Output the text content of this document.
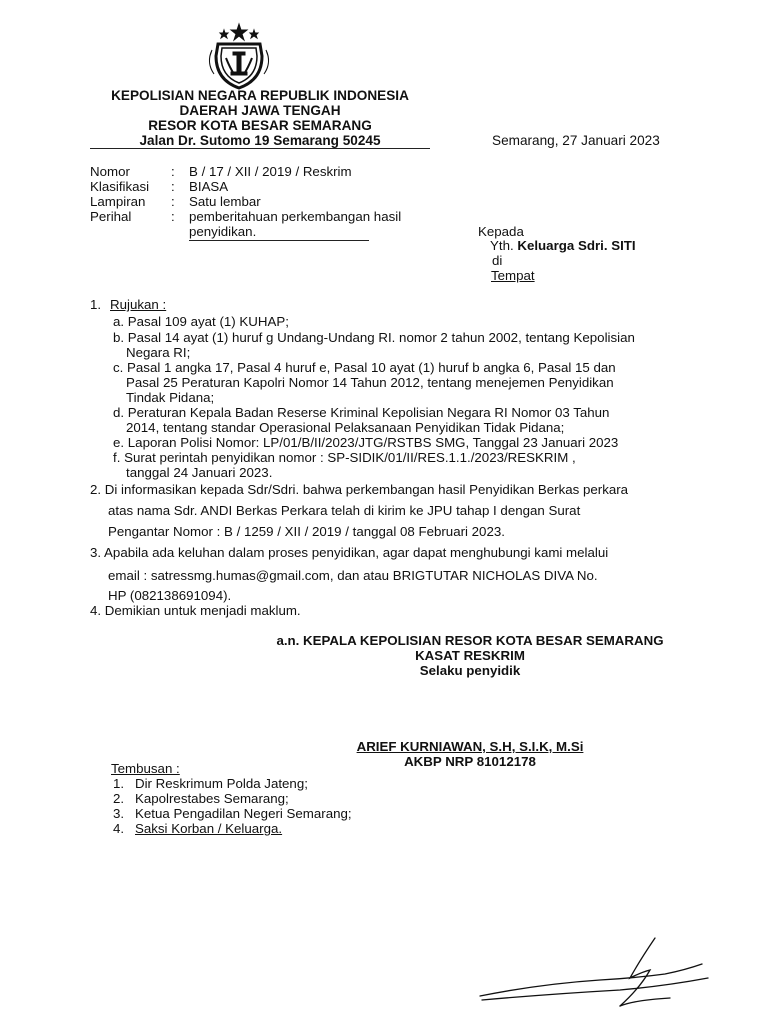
KEPOLISIAN NEGARA REPUBLIK INDONESIA
DAERAH JAWA TENGAH
RESOR KOTA BESAR SEMARANG
Jalan Dr. Sutomo 19 Semarang 50245	Semarang, 27 Januari 2023
Nomor	: B / 17 / XII / 2019 / Reskrim
Klasifikasi : BIASA
Lampiran : Satu lembar
Perihal	: pemberitahuan perkembangan hasil
penyidikan.	Kepada
Yth. Keluarga Sdri. SITI
di
Tempat
1. Rujukan :
a. Pasal 109 ayat (1) KUHAP;
b. Pasal 14 ayat (1) huruf g Undang-Undang RI. nomor 2 tahun 2002, tentang Kepolisian
Negara RI;
c. Pasal 1 angka 17, Pasal 4 huruf e, Pasal 10 ayat (1) huruf b angka 6, Pasal 15 dan
Pasal 25 Peraturan Kapolri Nomor 14 Tahun 2012, tentang menejemen Penyidikan
Tindak Pidana;
d. Peraturan Kepala Badan Reserse Kriminal Kepolisian Negara RI Nomor 03 Tahun
2014, tentang standar Operasional Pelaksanaan Penyidikan Tidak Pidana;
e. Laporan Polisi Nomor: LP/01/B/II/2023/JTG/RSTBS SMG, Tanggal 23 Januari 2023
f. Surat perintah penyidikan nomor : SP-SIDIK/01/II/RES.1.1./2023/RESKRIM ,
tanggal 24 Januari 2023.
2. Di informasikan kepada Sdr/Sdri. bahwa perkembangan hasil Penyidikan Berkas perkara
atas nama Sdr. ANDI Berkas Perkara telah di kirim ke JPU tahap I dengan Surat
Pengantar Nomor : B / 1259 / XII / 2019 / tanggal 08 Februari 2023.
3. Apabila ada keluhan dalam proses penyidikan, agar dapat menghubungi kami melalui
email : satressmg.humas@gmail.com, dan atau BRIGTUTAR NICHOLAS DIVA No.
HP (082138691094).
4. Demikian untuk menjadi maklum.
a.n. KEPALA KEPOLISIAN RESOR KOTA BESAR SEMARANG
KASAT RESKRIM
Selaku penyidik
ARIEF KURNIAWAN, S.H, S.I.K, M.Si
AKBP NRP 81012178
Tembusan :
1. Dir Reskrimum Polda Jateng;
2. Kapolrestabes Semarang;
3. Ketua Pengadilan Negeri Semarang;
4. Saksi Korban / Keluarga.
